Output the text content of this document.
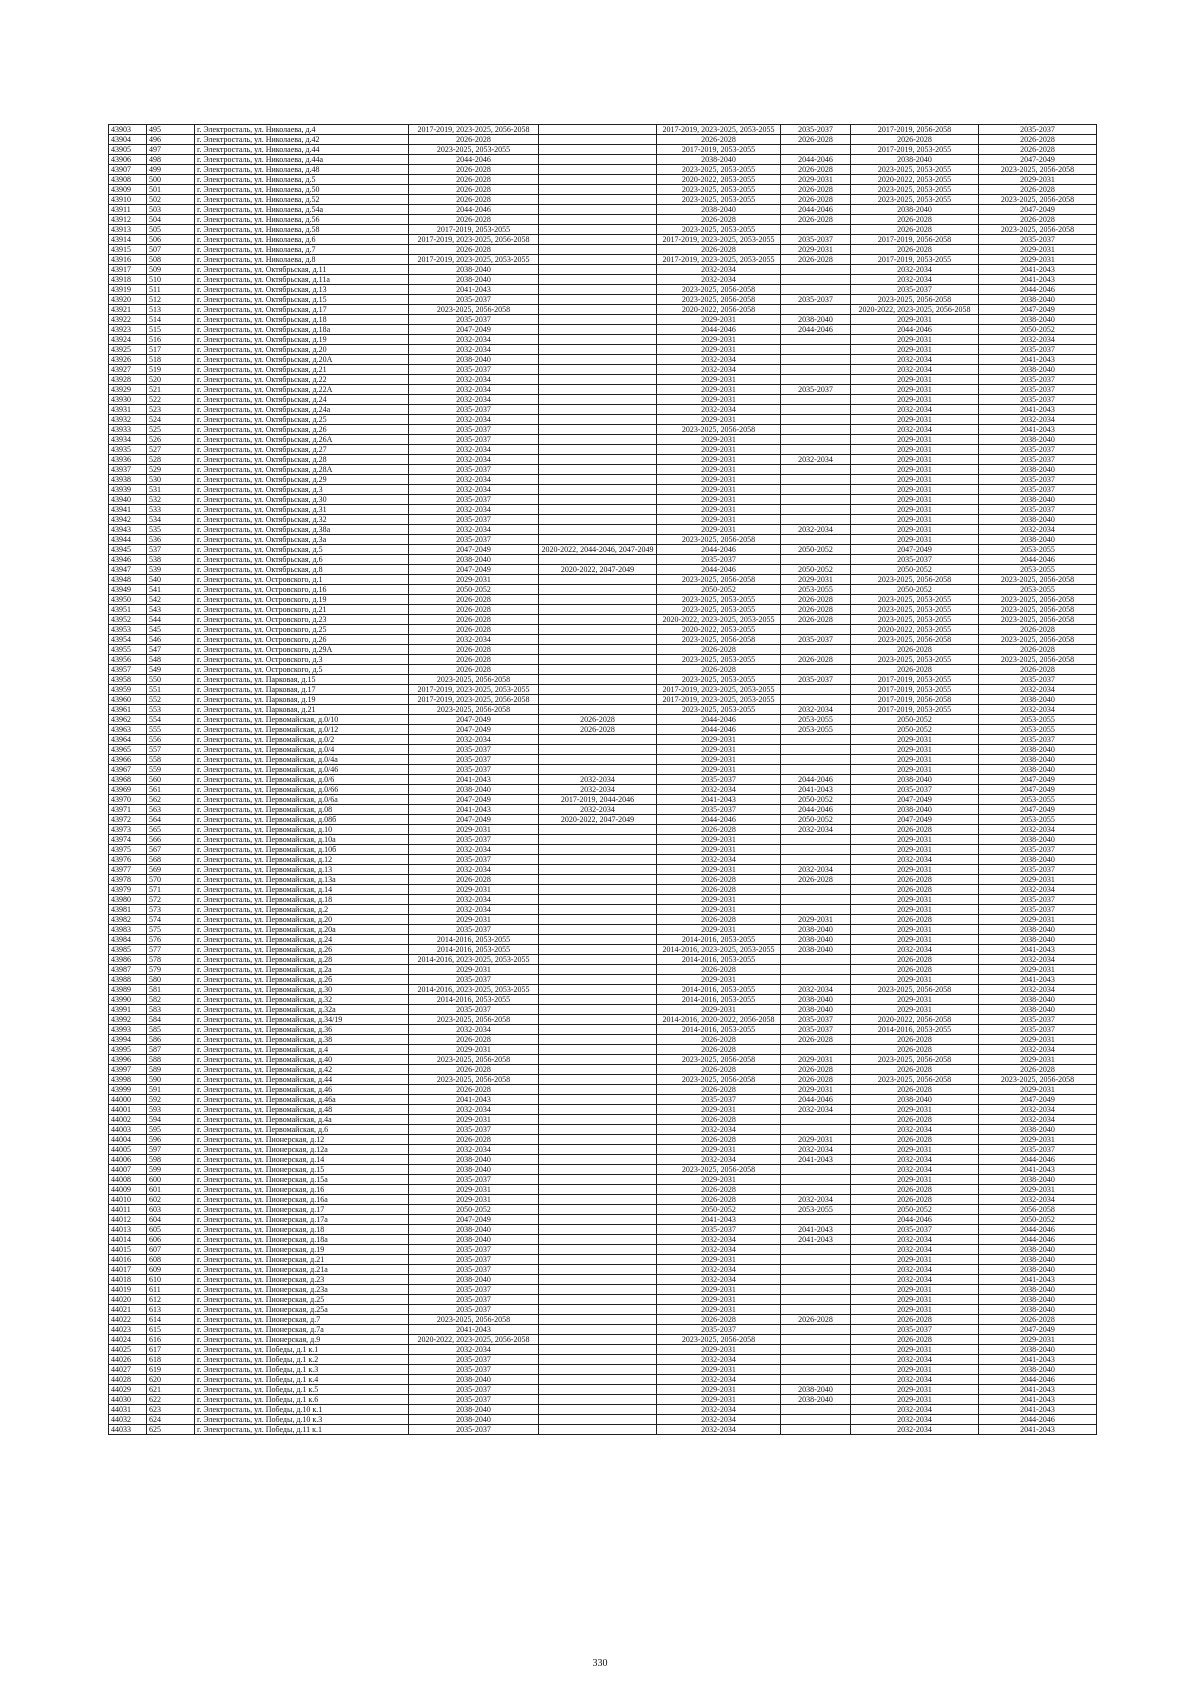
43903	495	г. Электросталь, ул. Николаева, д.4	2017-2019, 2023-2025, 2056-2058		2017-2019, 2023-2025, 2053-2055	2035-2037	2017-2019, 2056-2058	2035-2037
43904	496	г. Электросталь, ул. Николаева, д.42	2026-2028		2026-2028	2026-2028	2026-2028	2026-2028
43905	497	г. Электросталь, ул. Николаева, д.44	2023-2025, 2053-2055		2017-2019, 2053-2055		2017-2019, 2053-2055	2026-2028
43906	498	г. Электросталь, ул. Николаева, д.44а	2044-2046		2038-2040	2044-2046	2038-2040	2047-2049
43907	499	г. Электросталь, ул. Николаева, д.48	2026-2028		2023-2025, 2053-2055	2026-2028	2023-2025, 2053-2055	2023-2025, 2056-2058
43908	500	г. Электросталь, ул. Николаева, д.5	2026-2028		2020-2022, 2053-2055	2029-2031	2020-2022, 2053-2055	2029-2031
43909	501	г. Электросталь, ул. Николаева, д.50	2026-2028		2023-2025, 2053-2055	2026-2028	2023-2025, 2053-2055	2026-2028
43910	502	г. Электросталь, ул. Николаева, д.52	2026-2028		2023-2025, 2053-2055	2026-2028	2023-2025, 2053-2055	2023-2025, 2056-2058
43911	503	г. Электросталь, ул. Николаева, д.54а	2044-2046		2038-2040	2044-2046	2038-2040	2047-2049
43912	504	г. Электросталь, ул. Николаева, д.56	2026-2028		2026-2028	2026-2028	2026-2028	2026-2028
43913	505	г. Электросталь, ул. Николаева, д.58	2017-2019, 2053-2055		2023-2025, 2053-2055		2026-2028	2023-2025, 2056-2058
43914	506	г. Электросталь, ул. Николаева, д.6	2017-2019, 2023-2025, 2056-2058		2017-2019, 2023-2025, 2053-2055	2035-2037	2017-2019, 2056-2058	2035-2037
43915	507	г. Электросталь, ул. Николаева, д.7	2026-2028		2026-2028	2029-2031	2026-2028	2029-2031
43916	508	г. Электросталь, ул. Николаева, д.8	2017-2019, 2023-2025, 2053-2055		2017-2019, 2023-2025, 2053-2055	2026-2028	2017-2019, 2053-2055	2029-2031
43917	509	г. Электросталь, ул. Октябрьская, д.11	2038-2040		2032-2034		2032-2034	2041-2043
43918	510	г. Электросталь, ул. Октябрьская, д.11а	2038-2040		2032-2034		2032-2034	2041-2043
43919	511	г. Электросталь, ул. Октябрьская, д.13	2041-2043		2023-2025, 2056-2058		2035-2037	2044-2046
43920	512	г. Электросталь, ул. Октябрьская, д.15	2035-2037		2023-2025, 2056-2058	2035-2037	2023-2025, 2056-2058	2038-2040
43921	513	г. Электросталь, ул. Октябрьская, д.17	2023-2025, 2056-2058		2020-2022, 2056-2058		2020-2022, 2023-2025, 2056-2058	2047-2049
43922	514	г. Электросталь, ул. Октябрьская, д.18	2035-2037		2029-2031	2038-2040	2029-2031	2038-2040
43923	515	г. Электросталь, ул. Октябрьская, д.18а	2047-2049		2044-2046	2044-2046	2044-2046	2050-2052
43924	516	г. Электросталь, ул. Октябрьская, д.19	2032-2034		2029-2031		2029-2031	2032-2034
43925	517	г. Электросталь, ул. Октябрьская, д.20	2032-2034		2029-2031		2029-2031	2035-2037
43926	518	г. Электросталь, ул. Октябрьская, д.20А	2038-2040		2032-2034		2032-2034	2041-2043
43927	519	г. Электросталь, ул. Октябрьская, д.21	2035-2037		2032-2034		2032-2034	2038-2040
43928	520	г. Электросталь, ул. Октябрьская, д.22	2032-2034		2029-2031		2029-2031	2035-2037
43929	521	г. Электросталь, ул. Октябрьская, д.22А	2032-2034		2029-2031	2035-2037	2029-2031	2035-2037
43930	522	г. Электросталь, ул. Октябрьская, д.24	2032-2034		2029-2031		2029-2031	2035-2037
43931	523	г. Электросталь, ул. Октябрьская, д.24а	2035-2037		2032-2034		2032-2034	2041-2043
43932	524	г. Электросталь, ул. Октябрьская, д.25	2032-2034		2029-2031		2029-2031	2032-2034
43933	525	г. Электросталь, ул. Октябрьская, д.26	2035-2037		2023-2025, 2056-2058		2032-2034	2041-2043
43934	526	г. Электросталь, ул. Октябрьская, д.26А	2035-2037		2029-2031		2029-2031	2038-2040
43935	527	г. Электросталь, ул. Октябрьская, д.27	2032-2034		2029-2031		2029-2031	2035-2037
43936	528	г. Электросталь, ул. Октябрьская, д.28	2032-2034		2029-2031	2032-2034	2029-2031	2035-2037
43937	529	г. Электросталь, ул. Октябрьская, д.28А	2035-2037		2029-2031		2029-2031	2038-2040
43938	530	г. Электросталь, ул. Октябрьская, д.29	2032-2034		2029-2031		2029-2031	2035-2037
43939	531	г. Электросталь, ул. Октябрьская, д.3	2032-2034		2029-2031		2029-2031	2035-2037
43940	532	г. Электросталь, ул. Октябрьская, д.30	2035-2037		2029-2031		2029-2031	2038-2040
43941	533	г. Электросталь, ул. Октябрьская, д.31	2032-2034		2029-2031		2029-2031	2035-2037
43942	534	г. Электросталь, ул. Октябрьская, д.32	2035-2037		2029-2031		2029-2031	2038-2040
43943	535	г. Электросталь, ул. Октябрьская, д.38а	2032-2034		2029-2031	2032-2034	2029-2031	2032-2034
43944	536	г. Электросталь, ул. Октябрьская, д.3а	2035-2037		2023-2025, 2056-2058		2029-2031	2038-2040
43945	537	г. Электросталь, ул. Октябрьская, д.5	2047-2049	2020-2022, 2044-2046, 2047-2049	2044-2046	2050-2052	2047-2049	2053-2055
43946	538	г. Электросталь, ул. Октябрьская, д.6	2038-2040		2035-2037		2035-2037	2044-2046
43947	539	г. Электросталь, ул. Октябрьская, д.8	2047-2049	2020-2022, 2047-2049	2044-2046	2050-2052	2050-2052	2053-2055
43948	540	г. Электросталь, ул. Островского, д.1	2029-2031		2023-2025, 2056-2058	2029-2031	2023-2025, 2056-2058	2023-2025, 2056-2058
43949	541	г. Электросталь, ул. Островского, д.16	2050-2052		2050-2052	2053-2055	2050-2052	2053-2055
43950	542	г. Электросталь, ул. Островского, д.19	2026-2028		2023-2025, 2053-2055	2026-2028	2023-2025, 2053-2055	2023-2025, 2056-2058
43951	543	г. Электросталь, ул. Островского, д.21	2026-2028		2023-2025, 2053-2055	2026-2028	2023-2025, 2053-2055	2023-2025, 2056-2058
43952	544	г. Электросталь, ул. Островского, д.23	2026-2028		2020-2022, 2023-2025, 2053-2055	2026-2028	2023-2025, 2053-2055	2023-2025, 2056-2058
43953	545	г. Электросталь, ул. Островского, д.25	2026-2028		2020-2022, 2053-2055		2020-2022, 2053-2055	2026-2028
43954	546	г. Электросталь, ул. Островского, д.26	2032-2034		2023-2025, 2056-2058	2035-2037	2023-2025, 2056-2058	2023-2025, 2056-2058
43955	547	г. Электросталь, ул. Островского, д.29А	2026-2028		2026-2028		2026-2028	2026-2028
43956	548	г. Электросталь, ул. Островского, д.3	2026-2028		2023-2025, 2053-2055	2026-2028	2023-2025, 2053-2055	2023-2025, 2056-2058
43957	549	г. Электросталь, ул. Островского, д.5	2026-2028		2026-2028		2026-2028	2026-2028
43958	550	г. Электросталь, ул. Парковая, д.15	2023-2025, 2056-2058		2023-2025, 2053-2055	2035-2037	2017-2019, 2053-2055	2035-2037
43959	551	г. Электросталь, ул. Парковая, д.17	2017-2019, 2023-2025, 2053-2055		2017-2019, 2023-2025, 2053-2055		2017-2019, 2053-2055	2032-2034
43960	552	г. Электросталь, ул. Парковая, д.19	2017-2019, 2023-2025, 2056-2058		2017-2019, 2023-2025, 2053-2055		2017-2019, 2056-2058	2038-2040
43961	553	г. Электросталь, ул. Парковая, д.21	2023-2025, 2056-2058		2023-2025, 2053-2055	2032-2034	2017-2019, 2053-2055	2032-2034
43962	554	г. Электросталь, ул. Первомайская, д.0/10	2047-2049	2026-2028	2044-2046	2053-2055	2050-2052	2053-2055
43963	555	г. Электросталь, ул. Первомайская, д.0/12	2047-2049	2026-2028	2044-2046	2053-2055	2050-2052	2053-2055
43964	556	г. Электросталь, ул. Первомайская, д.0/2	2032-2034		2029-2031		2029-2031	2035-2037
43965	557	г. Электросталь, ул. Первомайская, д.0/4	2035-2037		2029-2031		2029-2031	2038-2040
43966	558	г. Электросталь, ул. Первомайская, д.0/4а	2035-2037		2029-2031		2029-2031	2038-2040
43967	559	г. Электросталь, ул. Первомайская, д.0/46	2035-2037		2029-2031		2029-2031	2038-2040
43968	560	г. Электросталь, ул. Первомайская, д.0/6	2041-2043	2032-2034	2035-2037	2044-2046	2038-2040	2047-2049
43969	561	г. Электросталь, ул. Первомайская, д.0/66	2038-2040	2032-2034	2032-2034	2041-2043	2035-2037	2047-2049
43970	562	г. Электросталь, ул. Первомайская, д.0/6а	2047-2049	2017-2019, 2044-2046	2041-2043	2050-2052	2047-2049	2053-2055
43971	563	г. Электросталь, ул. Первомайская, д.08	2041-2043	2032-2034	2035-2037	2044-2046	2038-2040	2047-2049
43972	564	г. Электросталь, ул. Первомайская, д.08б	2047-2049	2020-2022, 2047-2049	2044-2046	2050-2052	2047-2049	2053-2055
43973	565	г. Электросталь, ул. Первомайская, д.10	2029-2031		2026-2028	2032-2034	2026-2028	2032-2034
43974	566	г. Электросталь, ул. Первомайская, д.10а	2035-2037		2029-2031		2029-2031	2038-2040
43975	567	г. Электросталь, ул. Первомайская, д.10б	2032-2034		2029-2031		2029-2031	2035-2037
43976	568	г. Электросталь, ул. Первомайская, д.12	2035-2037		2032-2034		2032-2034	2038-2040
43977	569	г. Электросталь, ул. Первомайская, д.13	2032-2034		2029-2031	2032-2034	2029-2031	2035-2037
43978	570	г. Электросталь, ул. Первомайская, д.13а	2026-2028		2026-2028	2026-2028	2026-2028	2029-2031
43979	571	г. Электросталь, ул. Первомайская, д.14	2029-2031		2026-2028		2026-2028	2032-2034
43980	572	г. Электросталь, ул. Первомайская, д.18	2032-2034		2029-2031		2029-2031	2035-2037
43981	573	г. Электросталь, ул. Первомайская, д.2	2032-2034		2029-2031		2029-2031	2035-2037
43982	574	г. Электросталь, ул. Первомайская, д.20	2029-2031		2026-2028	2029-2031	2026-2028	2029-2031
43983	575	г. Электросталь, ул. Первомайская, д.20а	2035-2037		2029-2031	2038-2040	2029-2031	2038-2040
43984	576	г. Электросталь, ул. Первомайская, д.24	2014-2016, 2053-2055		2014-2016, 2053-2055	2038-2040	2029-2031	2038-2040
43985	577	г. Электросталь, ул. Первомайская, д.26	2014-2016, 2053-2055		2014-2016, 2023-2025, 2053-2055	2038-2040	2032-2034	2041-2043
43986	578	г. Электросталь, ул. Первомайская, д.28	2014-2016, 2023-2025, 2053-2055		2014-2016, 2053-2055		2026-2028	2032-2034
43987	579	г. Электросталь, ул. Первомайская, д.2а	2029-2031		2026-2028		2026-2028	2029-2031
43988	580	г. Электросталь, ул. Первомайская, д.2б	2035-2037		2029-2031		2029-2031	2041-2043
43989	581	г. Электросталь, ул. Первомайская, д.30	2014-2016, 2023-2025, 2053-2055		2014-2016, 2053-2055	2032-2034	2023-2025, 2056-2058	2032-2034
43990	582	г. Электросталь, ул. Первомайская, д.32	2014-2016, 2053-2055		2014-2016, 2053-2055	2038-2040	2029-2031	2038-2040
43991	583	г. Электросталь, ул. Первомайская, д.32а	2035-2037		2029-2031	2038-2040	2029-2031	2038-2040
43992	584	г. Электросталь, ул. Первомайская, д.34/19	2023-2025, 2056-2058		2014-2016, 2020-2022, 2056-2058	2035-2037	2020-2022, 2056-2058	2035-2037
43993	585	г. Электросталь, ул. Первомайская, д.36	2032-2034		2014-2016, 2053-2055	2035-2037	2014-2016, 2053-2055	2035-2037
43994	586	г. Электросталь, ул. Первомайская, д.38	2026-2028		2026-2028	2026-2028	2026-2028	2029-2031
43995	587	г. Электросталь, ул. Первомайская, д.4	2029-2031		2026-2028		2026-2028	2032-2034
43996	588	г. Электросталь, ул. Первомайская, д.40	2023-2025, 2056-2058		2023-2025, 2056-2058	2029-2031	2023-2025, 2056-2058	2029-2031
43997	589	г. Электросталь, ул. Первомайская, д.42	2026-2028		2026-2028	2026-2028	2026-2028	2026-2028
43998	590	г. Электросталь, ул. Первомайская, д.44	2023-2025, 2056-2058		2023-2025, 2056-2058	2026-2028	2023-2025, 2056-2058	2023-2025, 2056-2058
43999	591	г. Электросталь, ул. Первомайская, д.46	2026-2028		2026-2028	2029-2031	2026-2028	2029-2031
44000	592	г. Электросталь, ул. Первомайская, д.46а	2041-2043		2035-2037	2044-2046	2038-2040	2047-2049
44001	593	г. Электросталь, ул. Первомайская, д.48	2032-2034		2029-2031	2032-2034	2029-2031	2032-2034
44002	594	г. Электросталь, ул. Первомайская, д.4а	2029-2031		2026-2028		2026-2028	2032-2034
44003	595	г. Электросталь, ул. Первомайская, д.6	2035-2037		2032-2034		2032-2034	2038-2040
44004	596	г. Электросталь, ул. Пионерская, д.12	2026-2028		2026-2028	2029-2031	2026-2028	2029-2031
44005	597	г. Электросталь, ул. Пионерская, д.12а	2032-2034		2029-2031	2032-2034	2029-2031	2035-2037
44006	598	г. Электросталь, ул. Пионерская, д.14	2038-2040		2032-2034	2041-2043	2032-2034	2044-2046
44007	599	г. Электросталь, ул. Пионерская, д.15	2038-2040		2023-2025, 2056-2058		2032-2034	2041-2043
44008	600	г. Электросталь, ул. Пионерская, д.15а	2035-2037		2029-2031		2029-2031	2038-2040
44009	601	г. Электросталь, ул. Пионерская, д.16	2029-2031		2026-2028		2026-2028	2029-2031
44010	602	г. Электросталь, ул. Пионерская, д.16а	2029-2031		2026-2028	2032-2034	2026-2028	2032-2034
44011	603	г. Электросталь, ул. Пионерская, д.17	2050-2052		2050-2052	2053-2055	2050-2052	2056-2058
44012	604	г. Электросталь, ул. Пионерская, д.17а	2047-2049		2041-2043		2044-2046	2050-2052
44013	605	г. Электросталь, ул. Пионерская, д.18	2038-2040		2035-2037	2041-2043	2035-2037	2044-2046
44014	606	г. Электросталь, ул. Пионерская, д.18а	2038-2040		2032-2034	2041-2043	2032-2034	2044-2046
44015	607	г. Электросталь, ул. Пионерская, д.19	2035-2037		2032-2034		2032-2034	2038-2040
44016	608	г. Электросталь, ул. Пионерская, д.21	2035-2037		2029-2031		2029-2031	2038-2040
44017	609	г. Электросталь, ул. Пионерская, д.21а	2035-2037		2032-2034		2032-2034	2038-2040
44018	610	г. Электросталь, ул. Пионерская, д.23	2038-2040		2032-2034		2032-2034	2041-2043
44019	611	г. Электросталь, ул. Пионерская, д.23а	2035-2037		2029-2031		2029-2031	2038-2040
44020	612	г. Электросталь, ул. Пионерская, д.25	2035-2037		2029-2031		2029-2031	2038-2040
44021	613	г. Электросталь, ул. Пионерская, д.25а	2035-2037		2029-2031		2029-2031	2038-2040
44022	614	г. Электросталь, ул. Пионерская, д.7	2023-2025, 2056-2058		2026-2028	2026-2028	2026-2028	2026-2028
44023	615	г. Электросталь, ул. Пионерская, д.7а	2041-2043		2035-2037		2035-2037	2047-2049
44024	616	г. Электросталь, ул. Пионерская, д.9	2020-2022, 2023-2025, 2056-2058		2023-2025, 2056-2058		2026-2028	2029-2031
44025	617	г. Электросталь, ул. Победы, д.1 к.1	2032-2034		2029-2031		2029-2031	2038-2040
44026	618	г. Электросталь, ул. Победы, д.1 к.2	2035-2037		2032-2034		2032-2034	2041-2043
44027	619	г. Электросталь, ул. Победы, д.1 к.3	2035-2037		2029-2031		2029-2031	2038-2040
44028	620	г. Электросталь, ул. Победы, д.1 к.4	2038-2040		2032-2034		2032-2034	2044-2046
44029	621	г. Электросталь, ул. Победы, д.1 к.5	2035-2037		2029-2031	2038-2040	2029-2031	2041-2043
44030	622	г. Электросталь, ул. Победы, д.1 к.6	2035-2037		2029-2031	2038-2040	2029-2031	2041-2043
44031	623	г. Электросталь, ул. Победы, д.10 к.1	2038-2040		2032-2034		2032-2034	2041-2043
44032	624	г. Электросталь, ул. Победы, д.10 к.3	2038-2040		2032-2034		2032-2034	2044-2046
44033	625	г. Электросталь, ул. Победы, д.11 к.1	2035-2037		2032-2034		2032-2034	2041-2043
330
